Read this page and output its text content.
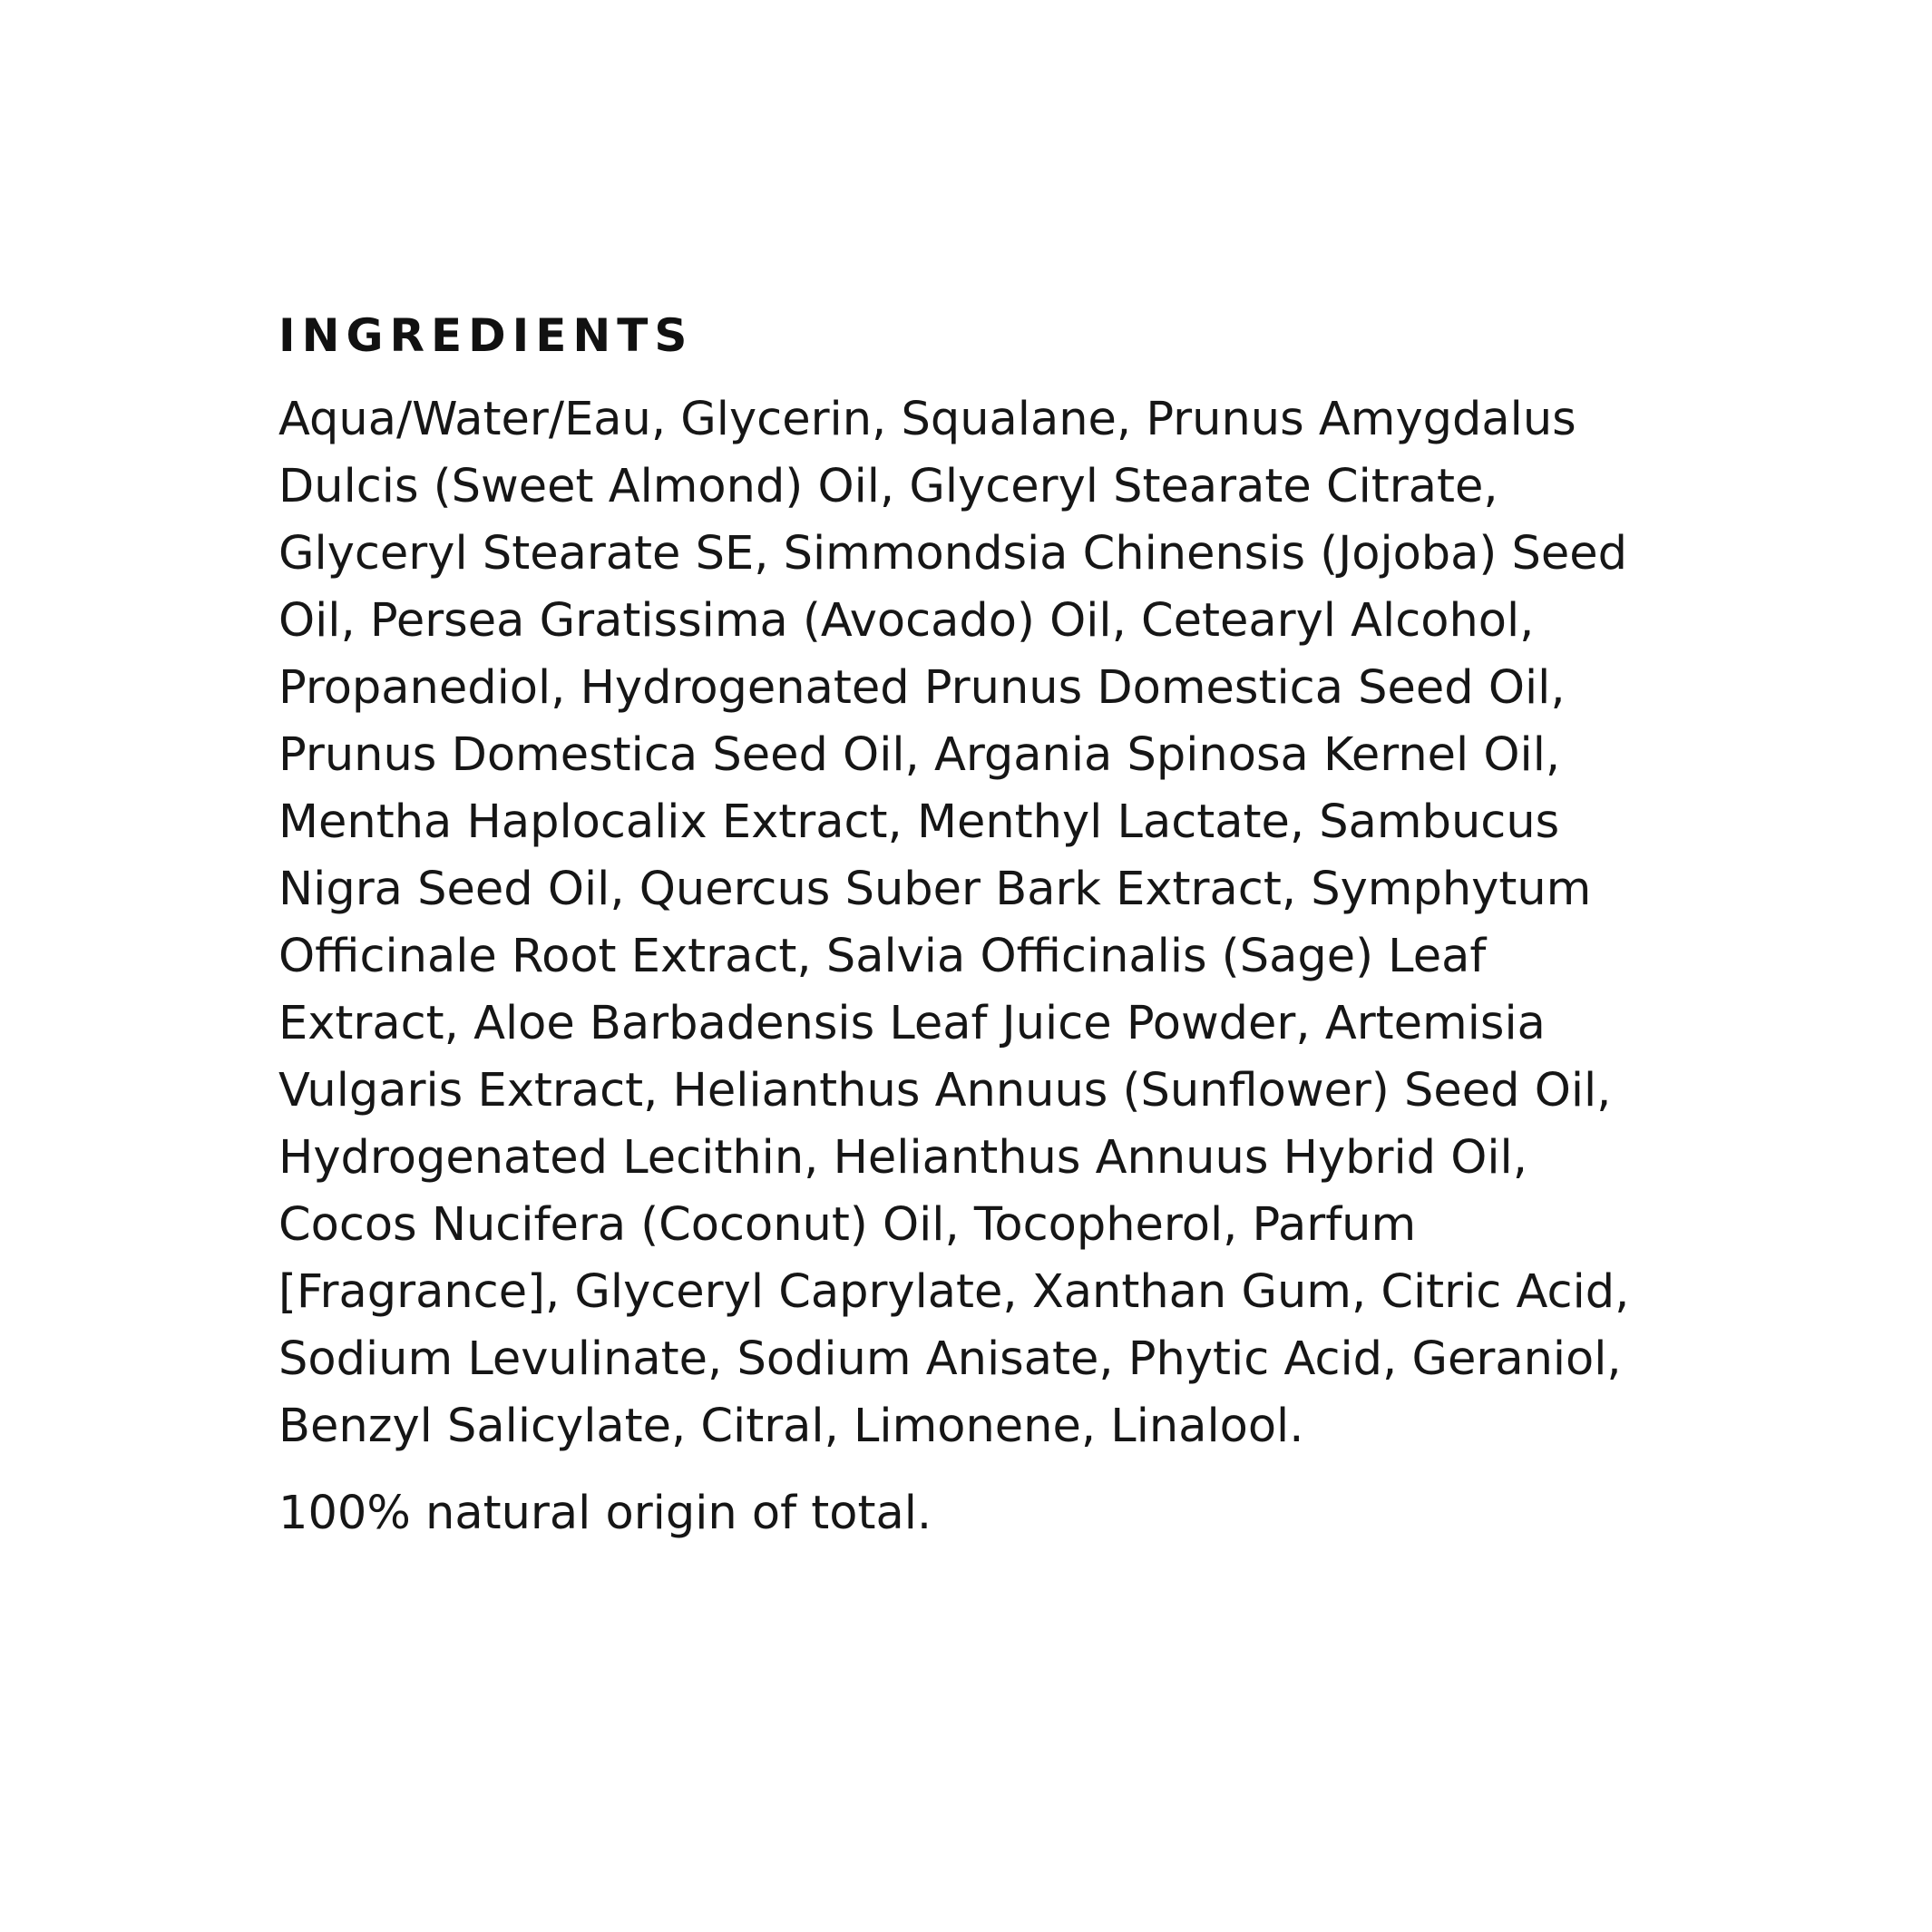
INGREDIENTS

Aqua/Water/Eau, Glycerin, Squalane, Prunus Amygdalus
Dulcis (Sweet Almond) Oil, Glyceryl Stearate Citrate,
Glyceryl Stearate SE, Simmondsia Chinensis (Jojoba) Seed
Oil, Persea Gratissima (Avocado) Oil, Cetearyl Alcohol,
Propanediol, Hydrogenated Prunus Domestica Seed Oil,
Prunus Domestica Seed Oil, Argania Spinosa Kernel Oil,
Mentha Haplocalix Extract, Menthyl Lactate, Sambucus
Nigra Seed Oil, Quercus Suber Bark Extract, Symphytum
Officinale Root Extract, Salvia Officinalis (Sage) Leaf
Extract, Aloe Barbadensis Leaf Juice Powder, Artemisia
Vulgaris Extract, Helianthus Annuus (Sunflower) Seed Oil,
Hydrogenated Lecithin, Helianthus Annuus Hybrid Oil,
Cocos Nucifera (Coconut) Oil, Tocopherol, Parfum
[Fragrance], Glyceryl Caprylate, Xanthan Gum, Citric Acid,
Sodium Levulinate, Sodium Anisate, Phytic Acid, Geraniol,
Benzyl Salicylate, Citral, Limonene, Linalool.

100% natural origin of total.
